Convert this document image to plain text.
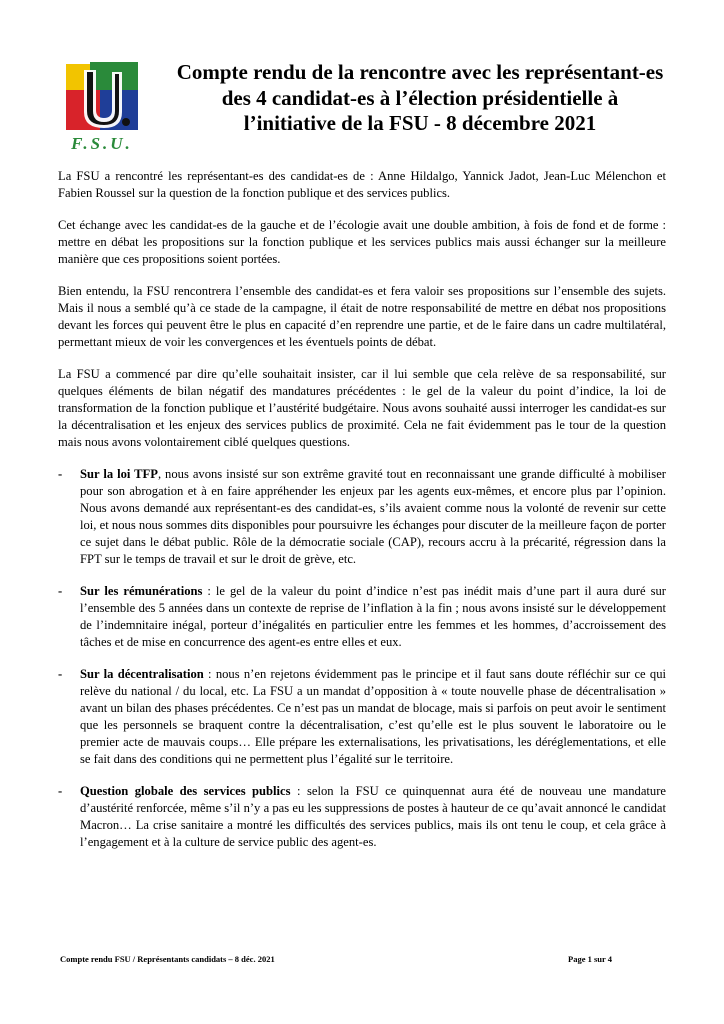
F.S.U.
Compte rendu de la rencontre avec les représentant-es
des 4 candidat-es à l’élection présidentielle à
l’initiative de la FSU - 8 décembre 2021

La FSU a rencontré les représentant-es des candidat-es de : Anne Hildalgo, Yannick Jadot, Jean-Luc Mélenchon et Fabien Roussel sur la question de la fonction publique et des services publics.

Cet échange avec les candidat-es de la gauche et de l’écologie avait une double ambition, à fois de fond et de forme : mettre en débat les propositions sur la fonction publique et les services publics mais aussi échanger sur la meilleure manière que ces propositions soient portées.

Bien entendu, la FSU rencontrera l’ensemble des candidat-es et fera valoir ses propositions sur l’ensemble des sujets. Mais il nous a semblé qu’à ce stade de la campagne, il était de notre responsabilité de mettre en débat nos propositions devant les forces qui peuvent être le plus en capacité d’en reprendre une partie, et de le faire dans un cadre multilatéral, permettant mieux de voir les convergences et les éventuels points de débat.

La FSU a commencé par dire qu’elle souhaitait insister, car il lui semble que cela relève de sa responsabilité, sur quelques éléments de bilan négatif des mandatures précédentes : le gel de la valeur du point d’indice, la loi de transformation de la fonction publique et l’austérité budgétaire. Nous avons souhaité aussi interroger les candidat-es sur la décentralisation et les enjeux des services publics de proximité. Cela ne fait évidemment pas le tour de la question mais nous avons volontairement ciblé quelques questions.

- Sur la loi TFP, nous avons insisté sur son extrême gravité tout en reconnaissant une grande difficulté à mobiliser pour son abrogation et à en faire appréhender les enjeux par les agents eux-mêmes, et encore plus par l’opinion. Nous avons demandé aux représentant-es des candidat-es, s’ils avaient comme nous la volonté de revenir sur cette loi, et nous nous sommes dits disponibles pour poursuivre les échanges pour discuter de la meilleure façon de porter ce sujet dans le débat public. Rôle de la démocratie sociale (CAP), recours accru à la précarité, régression dans la FPT sur le temps de travail et sur le droit de grève, etc.
- Sur les rémunérations : le gel de la valeur du point d’indice n’est pas inédit mais d’une part il aura duré sur l’ensemble des 5 années dans un contexte de reprise de l’inflation à la fin ; nous avons insisté sur le développement de l’indemnitaire inégal, porteur d’inégalités en particulier entre les femmes et les hommes, d’accroissement des tâches et de mise en concurrence des agent-es entre elles et eux.
- Sur la décentralisation : nous n’en rejetons évidemment pas le principe et il faut sans doute réfléchir sur ce qui relève du national / du local, etc. La FSU a un mandat d’opposition à « toute nouvelle phase de décentralisation » avant un bilan des phases précédentes. Ce n’est pas un mandat de blocage, mais si parfois on peut avoir le sentiment que les personnels se braquent contre la décentralisation, c’est qu’elle est le plus souvent le laboratoire ou le premier acte de mauvais coups… Elle prépare les externalisations, les privatisations, les déréglementations, et elle se fait dans des conditions qui ne permettent plus l’égalité sur le territoire.
- Question globale des services publics : selon la FSU ce quinquennat aura été de nouveau une mandature d’austérité renforcée, même s’il n’y a pas eu les suppressions de postes à hauteur de ce qu’avait annoncé le candidat Macron… La crise sanitaire a montré les difficultés des services publics, mais ils ont tenu le coup, et cela grâce à l’engagement et à la culture de service public des agent-es.
Compte rendu FSU / Représentants candidats – 8 déc. 2021	Page 1 sur 4
